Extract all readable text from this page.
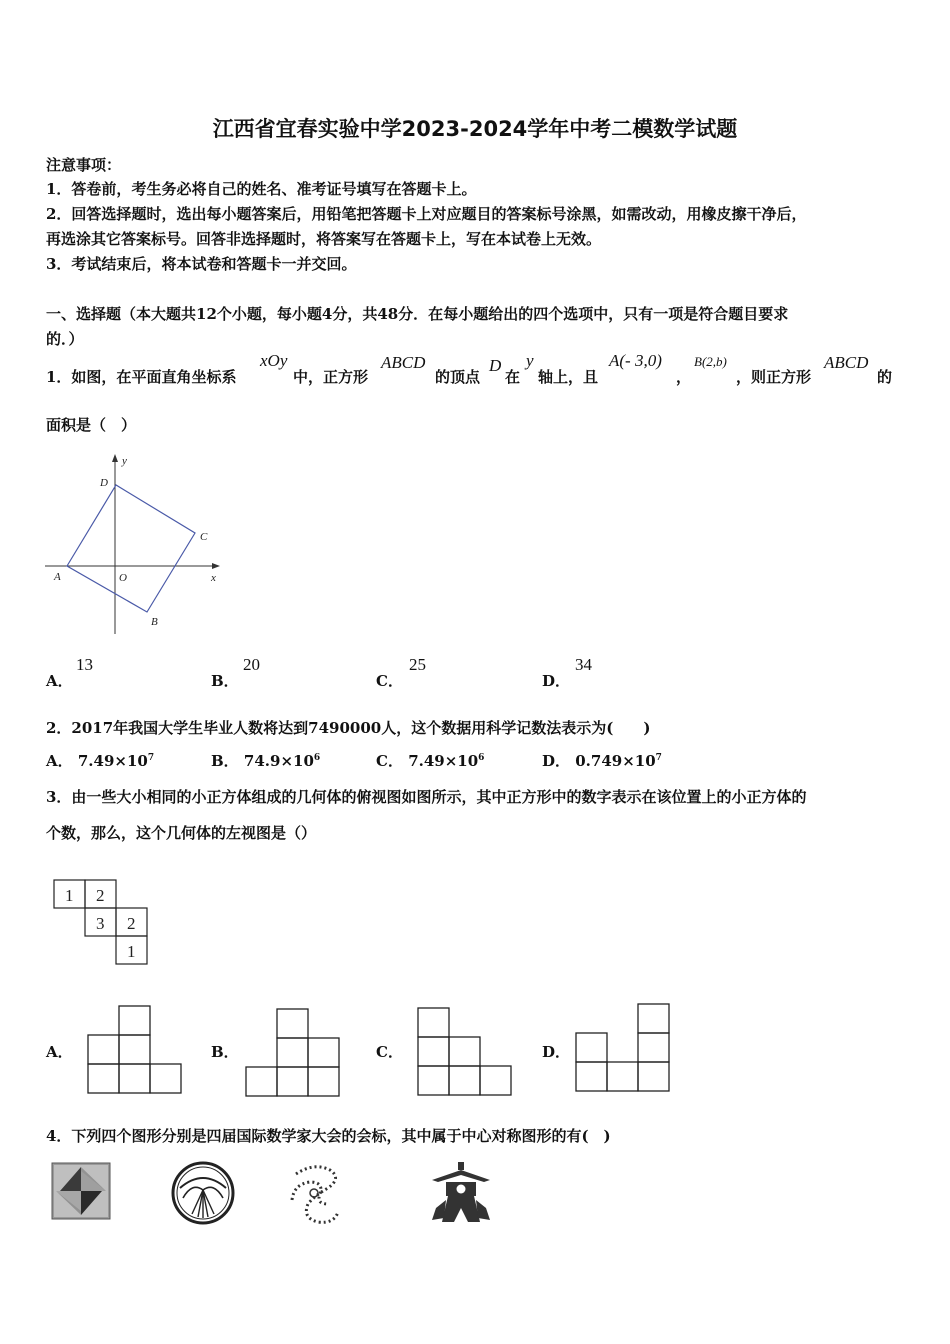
江西省宜春实验中学2023-2024学年中考二模数学试题
注意事项：
1．答卷前，考生务必将自己的姓名、准考证号填写在答题卡上。
2．回答选择题时，选出每小题答案后，用铅笔把答题卡上对应题目的答案标号涂黑，如需改动，用橡皮擦干净后，
再选涂其它答案标号。回答非选择题时，将答案写在答题卡上，写在本试卷上无效。
3．考试结束后，将本试卷和答题卡一并交回。
一、选择题（本大题共12个小题，每小题4分，共48分．在每小题给出的四个选项中，只有一项是符合题目要求
的．）
1．如图，在平面直角坐标系
xOy
中，正方形
ABCD
的顶点
D
在
y
轴上，且
A(- 3,0)
，
B(2,b)
，则正方形
ABCD
的
面积是（　）
y
x
D
C
A	O
B
A．
13
B．
20
C．
25
D．
34
2．2017年我国大学生毕业人数将达到7490000人，这个数据用科学记数法表示为(　　)
A． $7.49\times 10^7$	B． $74.9\times 10^6$	C． $7.49\times 10^6$	D． $0.749\times 10^7$
3．由一些大小相同的小正方体组成的几何体的俯视图如图所示，其中正方形中的数字表示在该位置上的小正方体的
个数，那么，这个几何体的左视图是（）
1 2
3 2
1
A．	B．	C．	D．
4．下列四个图形分别是四届国际数学家大会的会标，其中属于中心对称图形的有(　)
